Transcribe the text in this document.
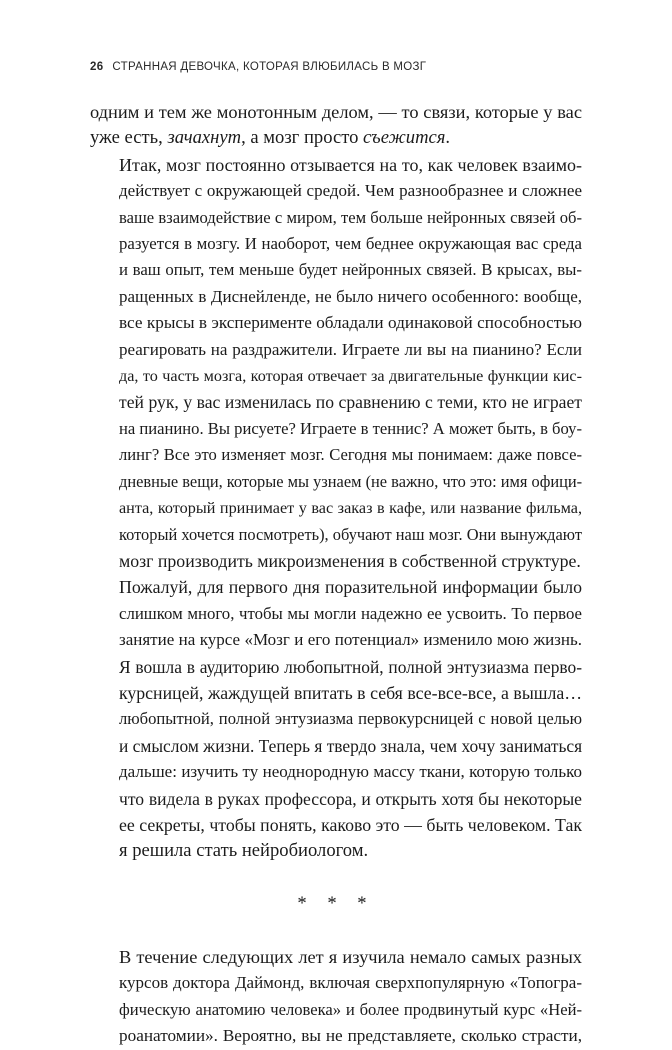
26 СТРАННАЯ ДЕВОЧКА, КОТОРАЯ ВЛЮБИЛАСЬ В МОЗГ

одним и тем же монотонным делом, — то связи, которые у вас
уже есть, зачахнут, а мозг просто съежится.

Итак, мозг постоянно отзывается на то, как человек взаимо-
действует с окружающей средой. Чем разнообразнее и сложнее
ваше взаимодействие с миром, тем больше нейронных связей об-
разуется в мозгу. И наоборот, чем беднее окружающая вас среда
и ваш опыт, тем меньше будет нейронных связей. В крысах, вы-
ращенных в Диснейленде, не было ничего особенного: вообще,
все крысы в эксперименте обладали одинаковой способностью
реагировать на раздражители. Играете ли вы на пианино? Если
да, то часть мозга, которая отвечает за двигательные функции кис-
тей рук, у вас изменилась по сравнению с теми, кто не играет
на пианино. Вы рисуете? Играете в теннис? А может быть, в боу-
линг? Все это изменяет мозг. Сегодня мы понимаем: даже повсе-
дневные вещи, которые мы узнаем (не важно, что это: имя офици-
анта, который принимает у вас заказ в кафе, или название фильма,
который хочется посмотреть), обучают наш мозг. Они вынуждают
мозг производить микроизменения в собственной структуре.

Пожалуй, для первого дня поразительной информации было
слишком много, чтобы мы могли надежно ее усвоить. То первое
занятие на курсе «Мозг и его потенциал» изменило мою жизнь.
Я вошла в аудиторию любопытной, полной энтузиазма перво-
курсницей, жаждущей впитать в себя все-все-все, а вышла…
любопытной, полной энтузиазма первокурсницей с новой целью
и смыслом жизни. Теперь я твердо знала, чем хочу заниматься
дальше: изучить ту неоднородную массу ткани, которую только
что видела в руках профессора, и открыть хотя бы некоторые
ее секреты, чтобы понять, каково это — быть человеком. Так
я решила стать нейробиологом.

* * *

В течение следующих лет я изучила немало самых разных
курсов доктора Даймонд, включая сверхпопулярную «Топогра-
фическую анатомию человека» и более продвинутый курс «Ней-
роанатомии». Вероятно, вы не представляете, сколько страсти,
